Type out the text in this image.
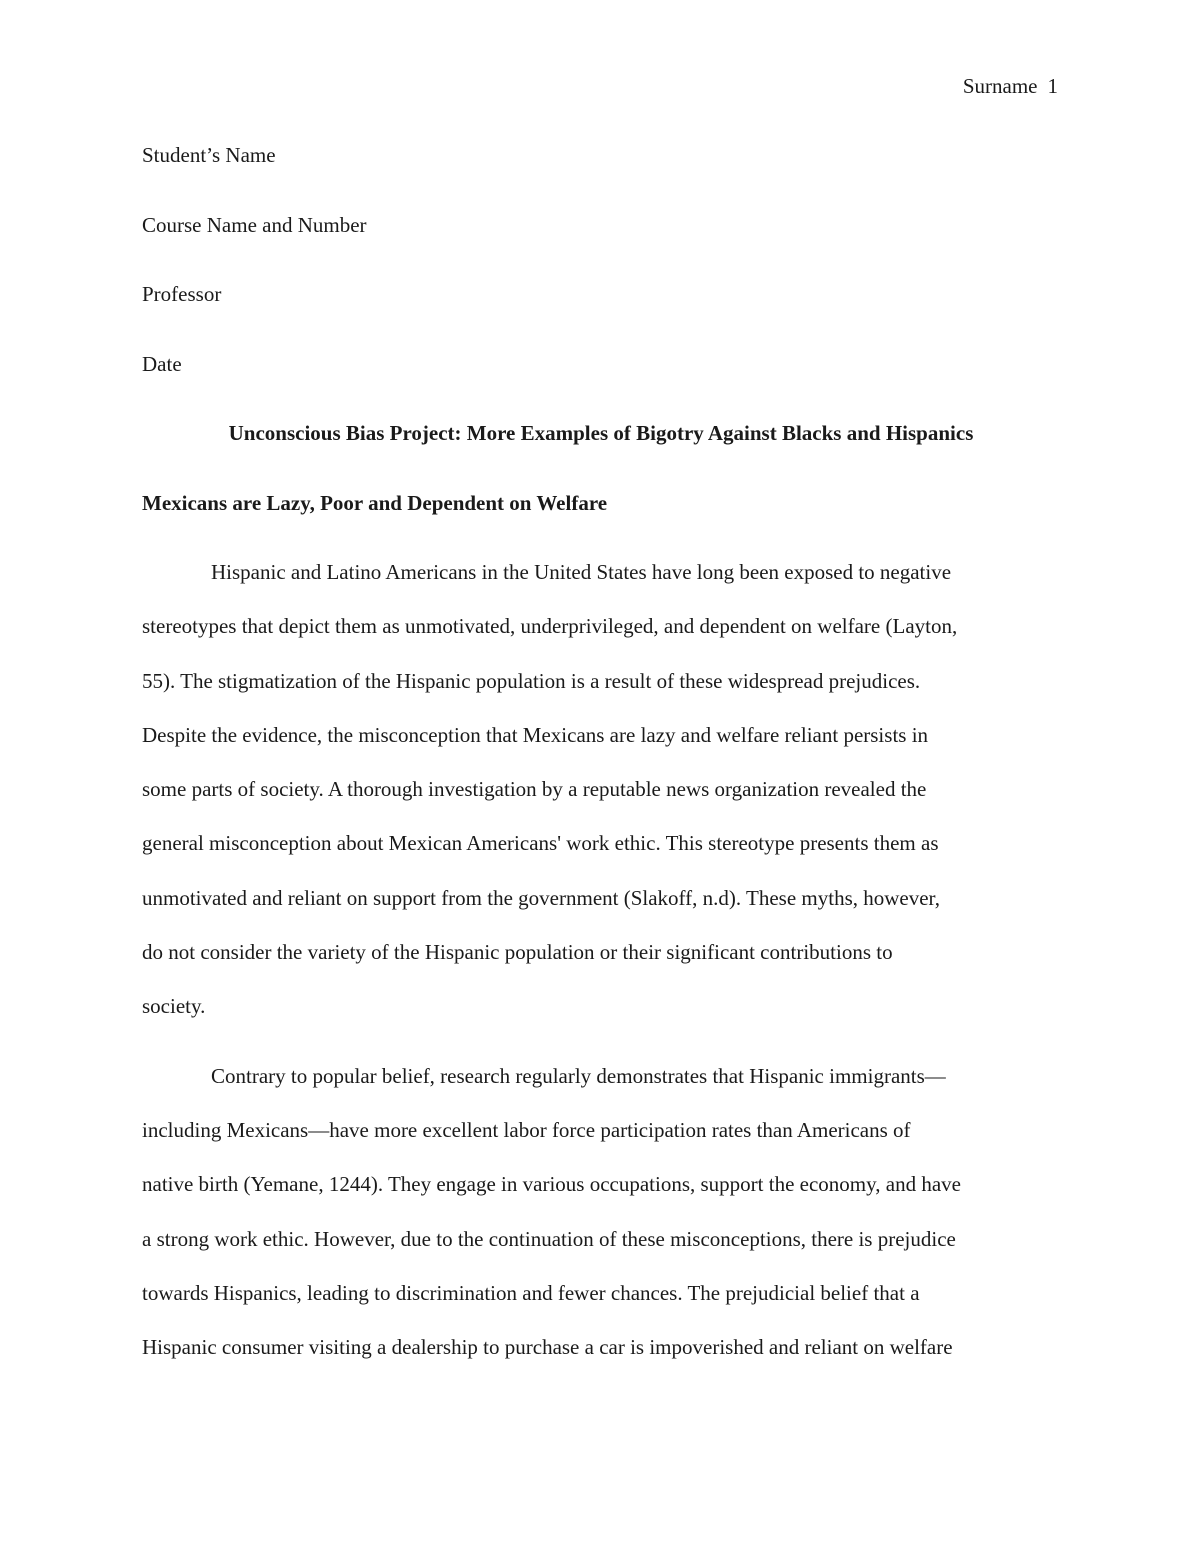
Surname 1
Student’s Name
Course Name and Number
Professor
Date
Unconscious Bias Project: More Examples of Bigotry Against Blacks and Hispanics
Mexicans are Lazy, Poor and Dependent on Welfare
Hispanic and Latino Americans in the United States have long been exposed to negative
stereotypes that depict them as unmotivated, underprivileged, and dependent on welfare (Layton,
55). The stigmatization of the Hispanic population is a result of these widespread prejudices.
Despite the evidence, the misconception that Mexicans are lazy and welfare reliant persists in
some parts of society. A thorough investigation by a reputable news organization revealed the
general misconception about Mexican Americans' work ethic. This stereotype presents them as
unmotivated and reliant on support from the government (Slakoff, n.d). These myths, however,
do not consider the variety of the Hispanic population or their significant contributions to
society.
Contrary to popular belief, research regularly demonstrates that Hispanic immigrants—
including Mexicans—have more excellent labor force participation rates than Americans of
native birth (Yemane, 1244). They engage in various occupations, support the economy, and have
a strong work ethic. However, due to the continuation of these misconceptions, there is prejudice
towards Hispanics, leading to discrimination and fewer chances. The prejudicial belief that a
Hispanic consumer visiting a dealership to purchase a car is impoverished and reliant on welfare
